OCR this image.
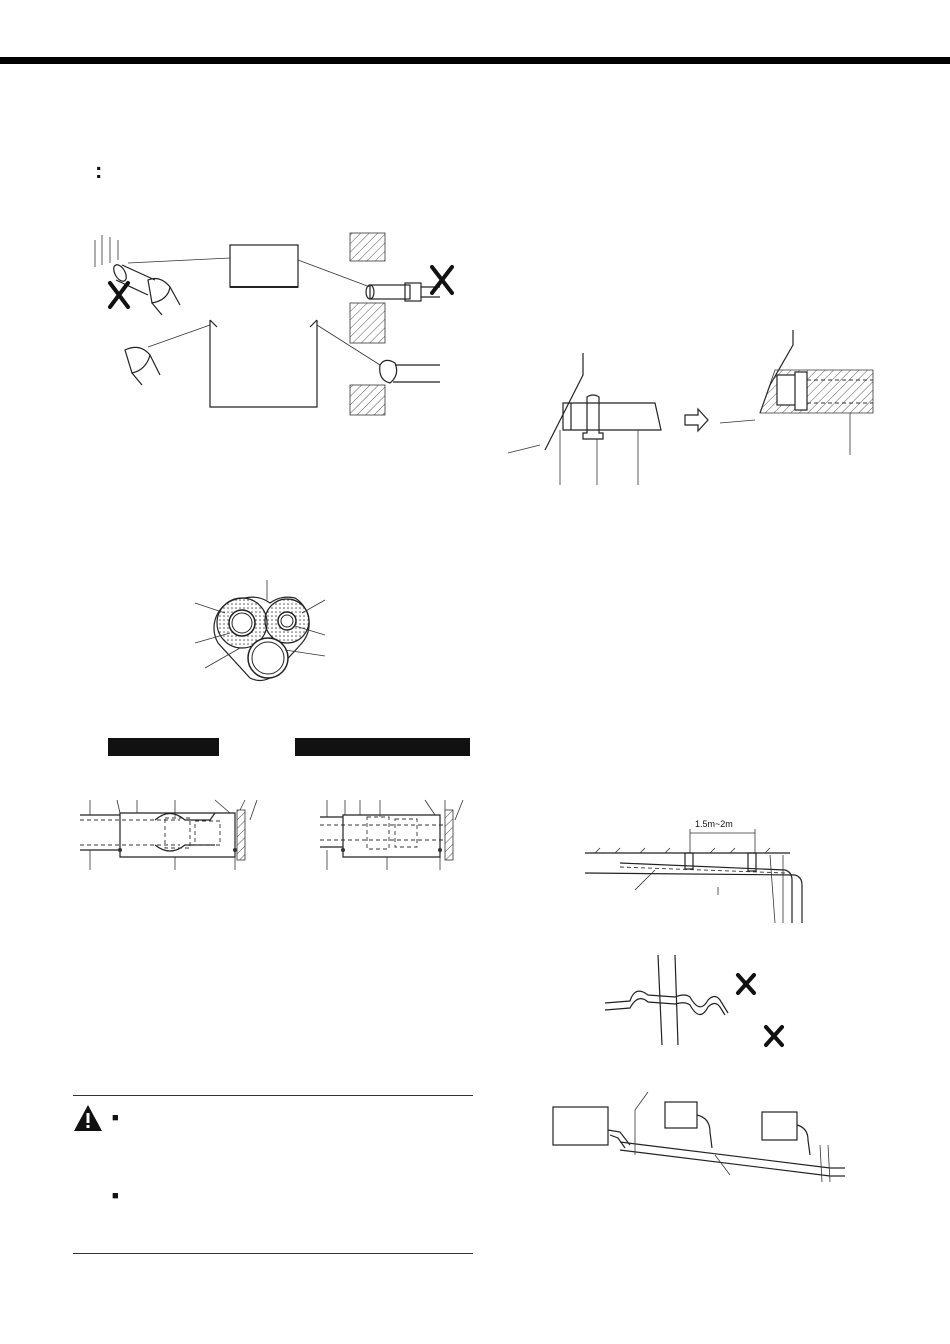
:
■
■
1.5m~2m
